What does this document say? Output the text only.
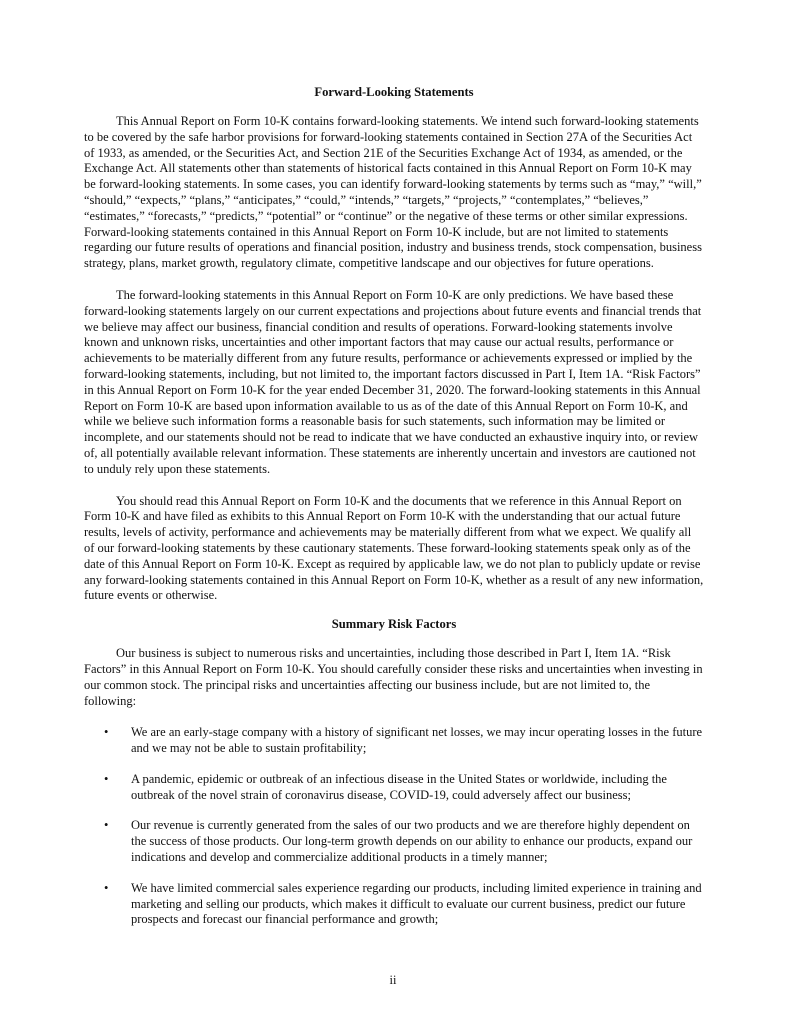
Forward-Looking Statements

This Annual Report on Form 10-K contains forward-looking statements. We intend such forward-looking statements to be covered by the safe harbor provisions for forward-looking statements contained in Section 27A of the Securities Act of 1933, as amended, or the Securities Act, and Section 21E of the Securities Exchange Act of 1934, as amended, or the Exchange Act. All statements other than statements of historical facts contained in this Annual Report on Form 10-K may be forward-looking statements. In some cases, you can identify forward-looking statements by terms such as “may,” “will,” “should,” “expects,” “plans,” “anticipates,” “could,” “intends,” “targets,” “projects,” “contemplates,” “believes,” “estimates,” “forecasts,” “predicts,” “potential” or “continue” or the negative of these terms or other similar expressions. Forward-looking statements contained in this Annual Report on Form 10-K include, but are not limited to statements regarding our future results of operations and financial position, industry and business trends, stock compensation, business strategy, plans, market growth, regulatory climate, competitive landscape and our objectives for future operations.

The forward-looking statements in this Annual Report on Form 10-K are only predictions. We have based these forward-looking statements largely on our current expectations and projections about future events and financial trends that we believe may affect our business, financial condition and results of operations. Forward-looking statements involve known and unknown risks, uncertainties and other important factors that may cause our actual results, performance or achievements to be materially different from any future results, performance or achievements expressed or implied by the forward-looking statements, including, but not limited to, the important factors discussed in Part I, Item 1A. “Risk Factors” in this Annual Report on Form 10-K for the year ended December 31, 2020. The forward-looking statements in this Annual Report on Form 10-K are based upon information available to us as of the date of this Annual Report on Form 10-K, and while we believe such information forms a reasonable basis for such statements, such information may be limited or incomplete, and our statements should not be read to indicate that we have conducted an exhaustive inquiry into, or review of, all potentially available relevant information. These statements are inherently uncertain and investors are cautioned not to unduly rely upon these statements.

You should read this Annual Report on Form 10-K and the documents that we reference in this Annual Report on Form 10-K and have filed as exhibits to this Annual Report on Form 10-K with the understanding that our actual future results, levels of activity, performance and achievements may be materially different from what we expect. We qualify all of our forward-looking statements by these cautionary statements. These forward-looking statements speak only as of the date of this Annual Report on Form 10-K. Except as required by applicable law, we do not plan to publicly update or revise any forward-looking statements contained in this Annual Report on Form 10-K, whether as a result of any new information, future events or otherwise.

Summary Risk Factors

Our business is subject to numerous risks and uncertainties, including those described in Part I, Item 1A. “Risk Factors” in this Annual Report on Form 10-K. You should carefully consider these risks and uncertainties when investing in our common stock. The principal risks and uncertainties affecting our business include, but are not limited to, the following:

• We are an early-stage company with a history of significant net losses, we may incur operating losses in the future and we may not be able to sustain profitability;
• A pandemic, epidemic or outbreak of an infectious disease in the United States or worldwide, including the outbreak of the novel strain of coronavirus disease, COVID-19, could adversely affect our business;
• Our revenue is currently generated from the sales of our two products and we are therefore highly dependent on the success of those products. Our long-term growth depends on our ability to enhance our products, expand our indications and develop and commercialize additional products in a timely manner;
• We have limited commercial sales experience regarding our products, including limited experience in training and marketing and selling our products, which makes it difficult to evaluate our current business, predict our future prospects and forecast our financial performance and growth;
ii
